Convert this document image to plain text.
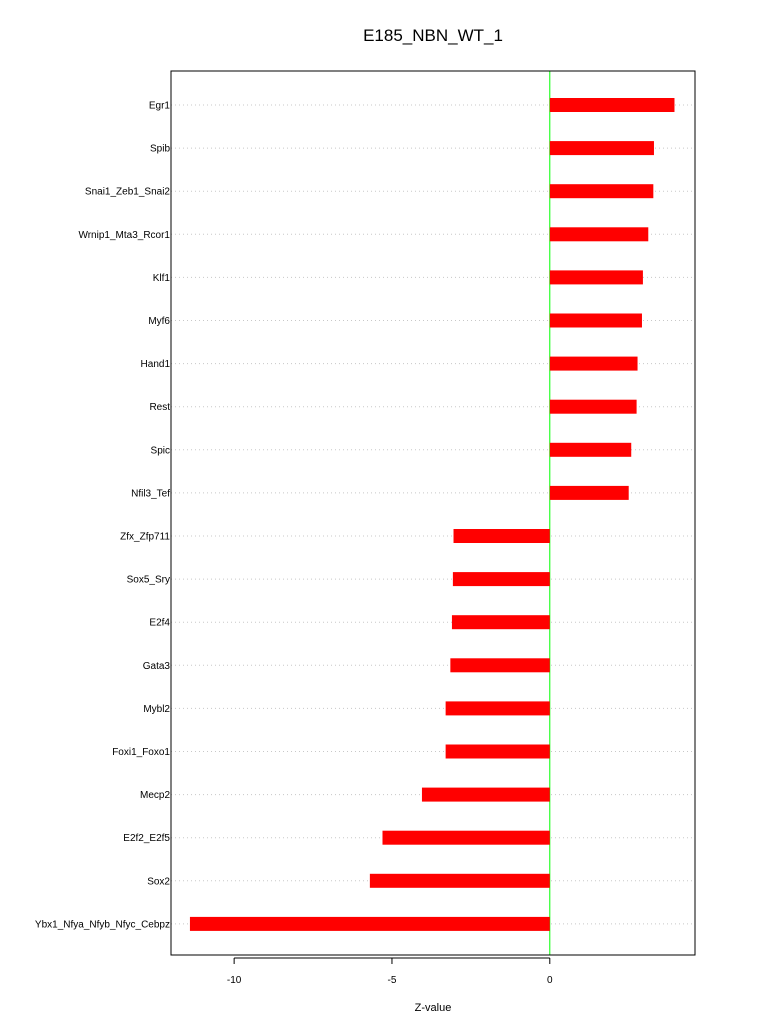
E185_NBN_WT_1
Egr1
Spib
Snai1_Zeb1_Snai2
Wrnip1_Mta3_Rcor1
Klf1
Myf6
Hand1
Rest
Spic
Nfil3_Tef
Zfx_Zfp711
Sox5_Sry
E2f4
Gata3
Mybl2
Foxi1_Foxo1
Mecp2
E2f2_E2f5
Sox2
Ybx1_Nfya_Nfyb_Nfyc_Cebpz
-10	-5	0
Z-value
